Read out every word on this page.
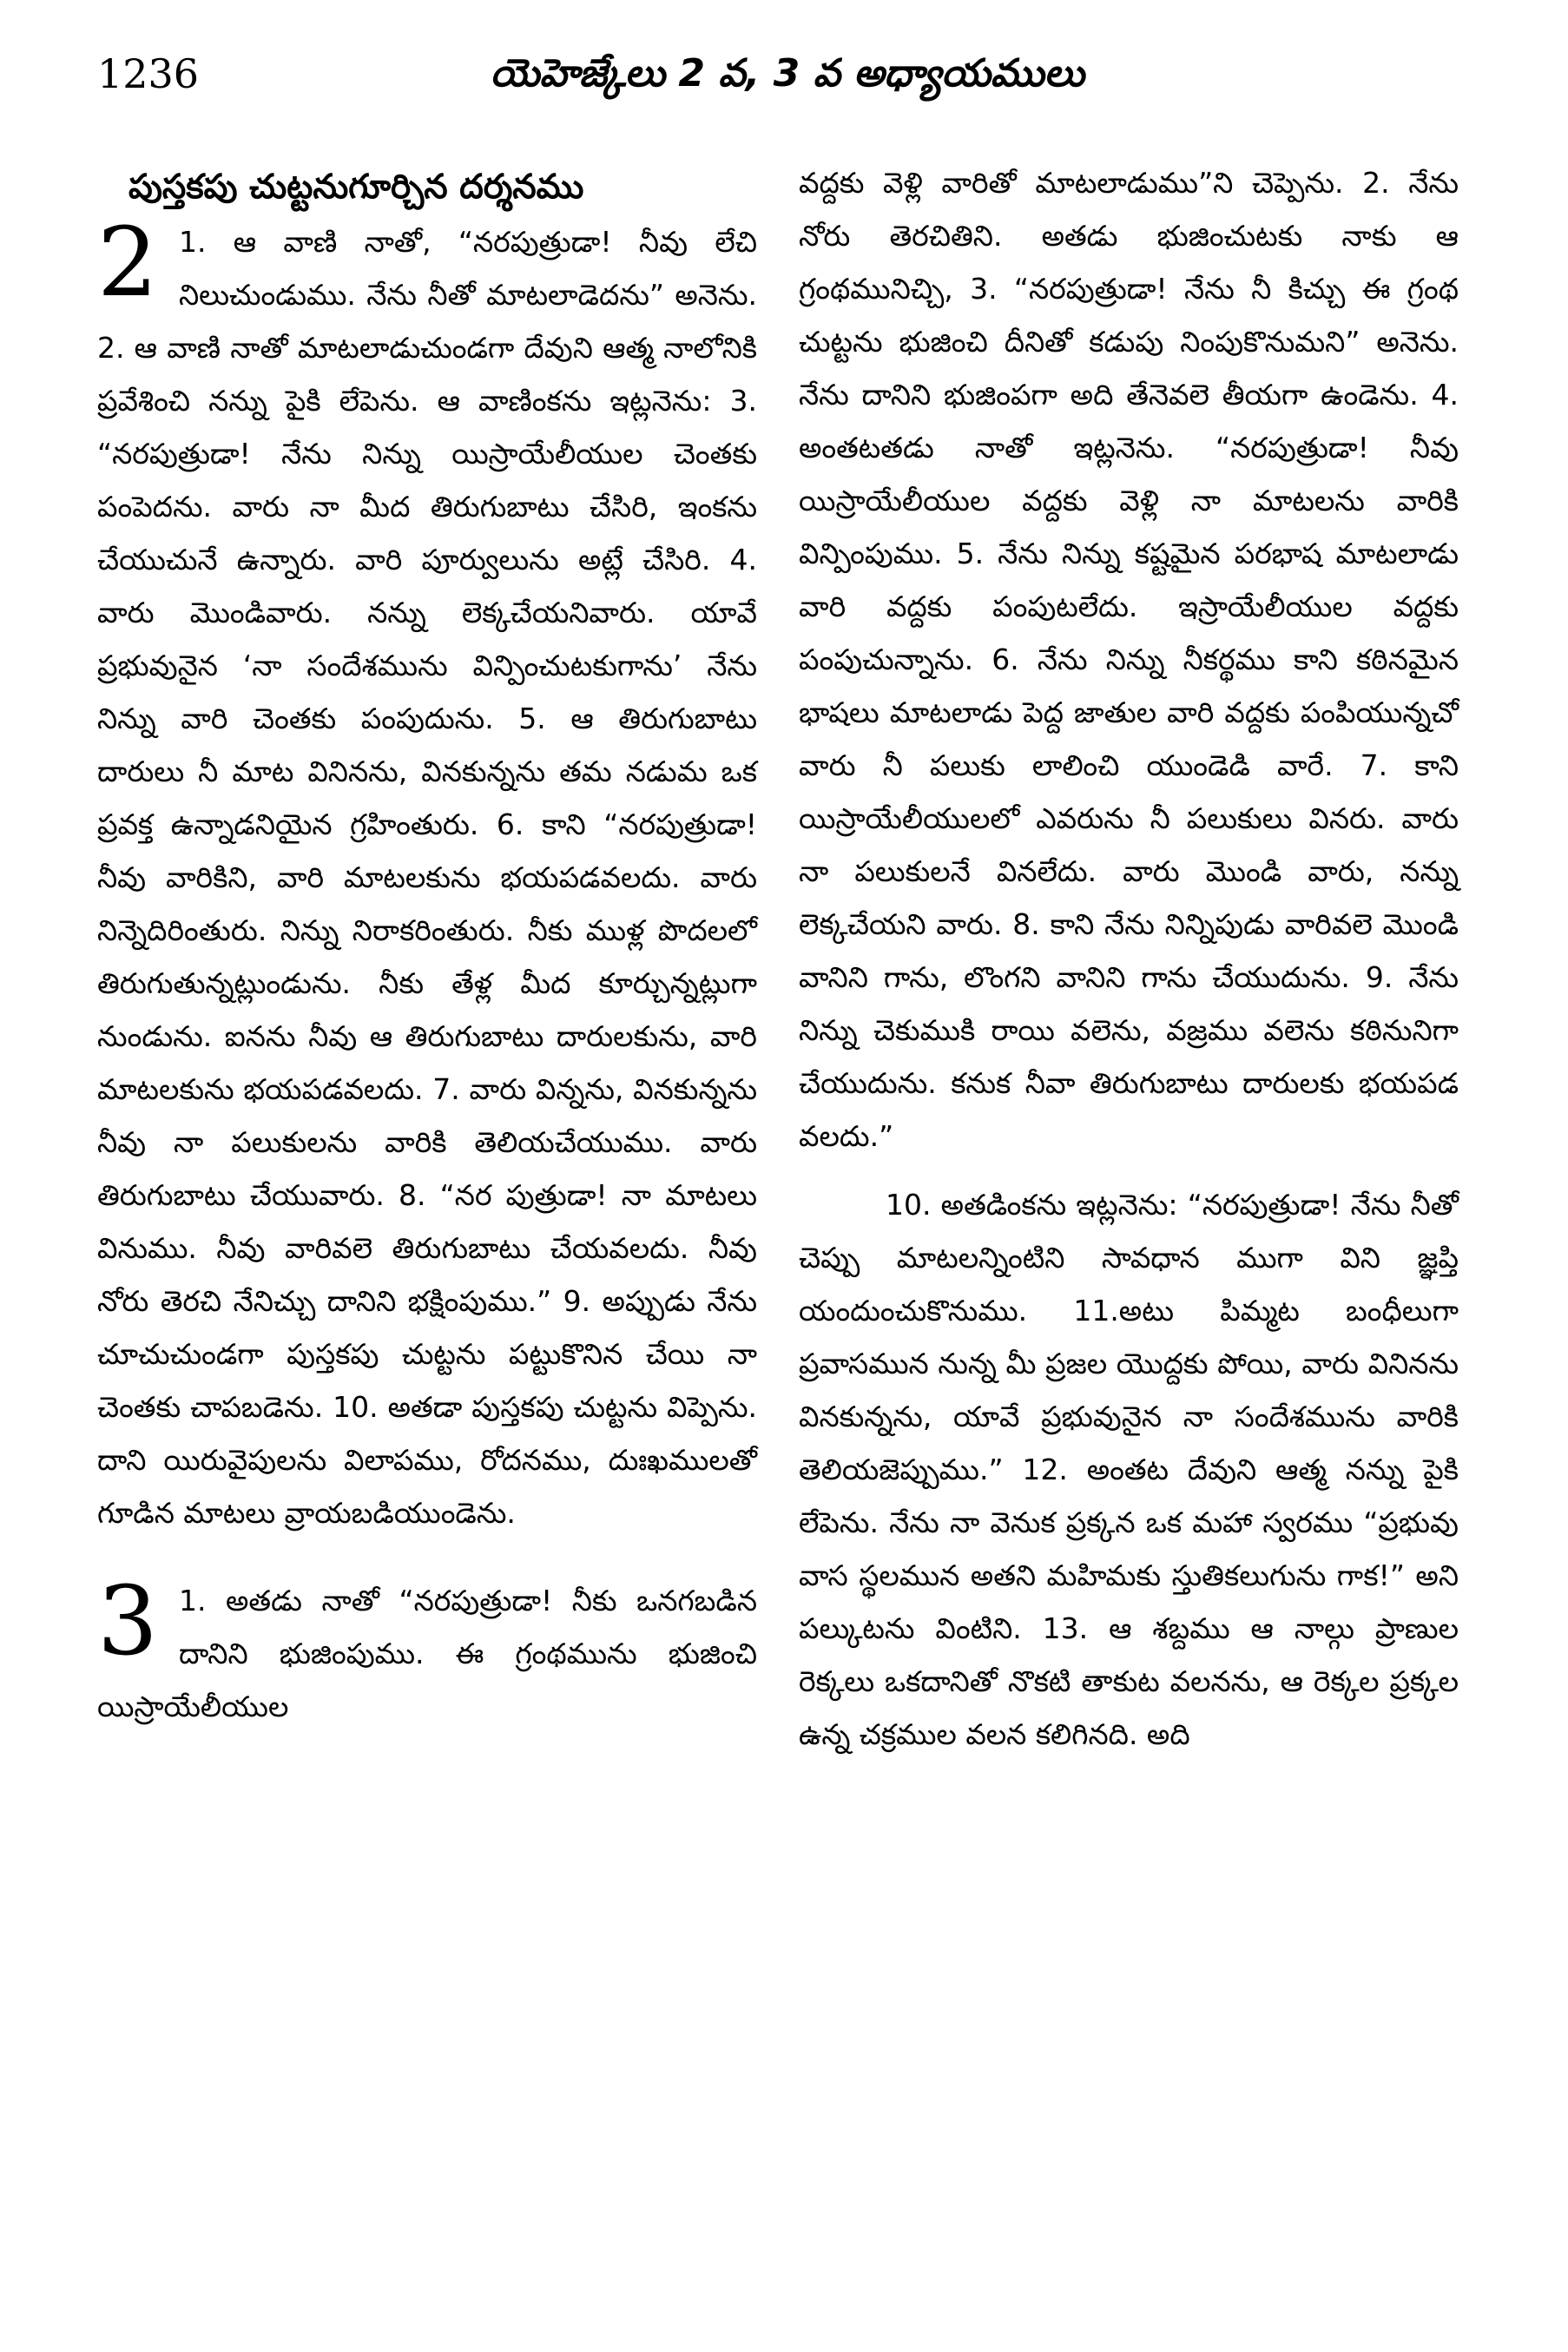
1236	యెహెజ్కేలు 2 వ, 3 వ అధ్యాయములు
పుస్తకపు చుట్టనుగూర్చిన దర్శనము

2 1. ఆ వాణి నాతో, “నరపుత్రుడా! నీవు లేచి నిలుచుండుము. నేను నీతో మాటలాడెదను” అనెను. 2. ఆ వాణి నాతో మాటలాడుచుండగా దేవుని ఆత్మ నాలోనికి ప్రవేశించి నన్ను పైకి లేపెను. ఆ వాణింకను ఇట్లనెను: 3. “నరపుత్రుడా! నేను నిన్ను యిస్రాయేలీయుల చెంతకు పంపెదను. వారు నా మీద తిరుగుబాటు చేసిరి, ఇంకను చేయుచునే ఉన్నారు. వారి పూర్వులును అట్లే చేసిరి. 4. వారు మొండివారు. నన్ను లెక్కచేయనివారు. యావే ప్రభువునైన ‘నా సందేశమును విన్పించుటకుగాను’ నేను నిన్ను వారి చెంతకు పంపుదును. 5. ఆ తిరుగుబాటు దారులు నీ మాట వినినను, వినకున్నను తమ నడుమ ఒక ప్రవక్త ఉన్నాడనియైన గ్రహింతురు. 6. కాని “నరపుత్రుడా! నీవు వారికిని, వారి మాటలకును భయపడవలదు. వారు నిన్నెదిరింతురు. నిన్ను నిరాకరింతురు. నీకు ముళ్ల పొదలలో తిరుగుతున్నట్లుండును. నీకు తేళ్ల మీద కూర్చున్నట్లుగా నుండును. ఐనను నీవు ఆ తిరుగుబాటు దారులకును, వారి మాటలకును భయపడవలదు. 7. వారు విన్నను, వినకున్నను నీవు నా పలుకులను వారికి తెలియచేయుము. వారు తిరుగుబాటు చేయువారు. 8. “నర పుత్రుడా! నా మాటలు వినుము. నీవు వారివలె తిరుగుబాటు చేయవలదు. నీవు నోరు తెరచి నేనిచ్చు దానిని భక్షింపుము.” 9. అప్పుడు నేను చూచుచుండగా పుస్తకపు చుట్టను పట్టుకొనిన చేయి నా చెంతకు చాపబడెను. 10. అతడా పుస్తకపు చుట్టను విప్పెను. దాని యిరువైపులను విలాపము, రోదనము, దుఃఖములతో గూడిన మాటలు వ్రాయబడియుండెను.

3 1. అతడు నాతో “నరపుత్రుడా! నీకు ఒనగబడిన దానిని భుజింపుము. ఈ గ్రంథమును భుజించి యిస్రాయేలీయుల

వద్దకు వెళ్లి వారితో మాటలాడుము”ని చెప్పెను. 2. నేను నోరు తెరచితిని. అతడు భుజించుటకు నాకు ఆ గ్రంథమునిచ్చి, 3. “నరపుత్రుడా! నేను నీ కిచ్చు ఈ గ్రంథ చుట్టను భుజించి దీనితో కడుపు నింపుకొనుమని” అనెను. నేను దానిని భుజింపగా అది తేనెవలె తీయగా ఉండెను. 4. అంతటతడు నాతో ఇట్లనెను. “నరపుత్రుడా! నీవు యిస్రాయేలీయుల వద్దకు వెళ్లి నా మాటలను వారికి విన్పింపుము. 5. నేను నిన్ను కష్టమైన పరభాష మాటలాడు వారి వద్దకు పంపుటలేదు. ఇస్రాయేలీయుల వద్దకు పంపుచున్నాను. 6. నేను నిన్ను నీకర్థము కాని కఠినమైన భాషలు మాటలాడు పెద్ద జాతుల వారి వద్దకు పంపియున్నచో వారు నీ పలుకు లాలించి యుండెడి వారే. 7. కాని యిస్రాయేలీయులలో ఎవరును నీ పలుకులు వినరు. వారు నా పలుకులనే వినలేదు. వారు మొండి వారు, నన్ను లెక్కచేయని వారు. 8. కాని నేను నిన్నిపుడు వారివలె మొండి వానిని గాను, లొంగని వానిని గాను చేయుదును. 9. నేను నిన్ను చెకుముకి రాయి వలెను, వజ్రము వలెను కఠినునిగా చేయుదును. కనుక నీవా తిరుగుబాటు దారులకు భయపడ వలదు.”

10. అతడింకను ఇట్లనెను: “నరపుత్రుడా! నేను నీతో చెప్పు మాటలన్నింటిని సావధాన ముగా విని జ్ఞప్తి యందుంచుకొనుము. 11.అటు పిమ్మట బంధీలుగా ప్రవాసమున నున్న మీ ప్రజల యొద్దకు పోయి, వారు వినినను వినకున్నను, యావే ప్రభువునైన నా సందేశమును వారికి తెలియజెప్పుము.” 12. అంతట దేవుని ఆత్మ నన్ను పైకి లేపెను. నేను నా వెనుక ప్రక్కన ఒక మహా స్వరము “ప్రభువు వాస స్థలమున అతని మహిమకు స్తుతికలుగును గాక!” అని పల్కుటను వింటిని. 13. ఆ శబ్దము ఆ నాల్గు ప్రాణుల రెక్కలు ఒకదానితో నొకటి తాకుట వలనను, ఆ రెక్కల ప్రక్కల ఉన్న చక్రముల వలన కలిగినది. అది
